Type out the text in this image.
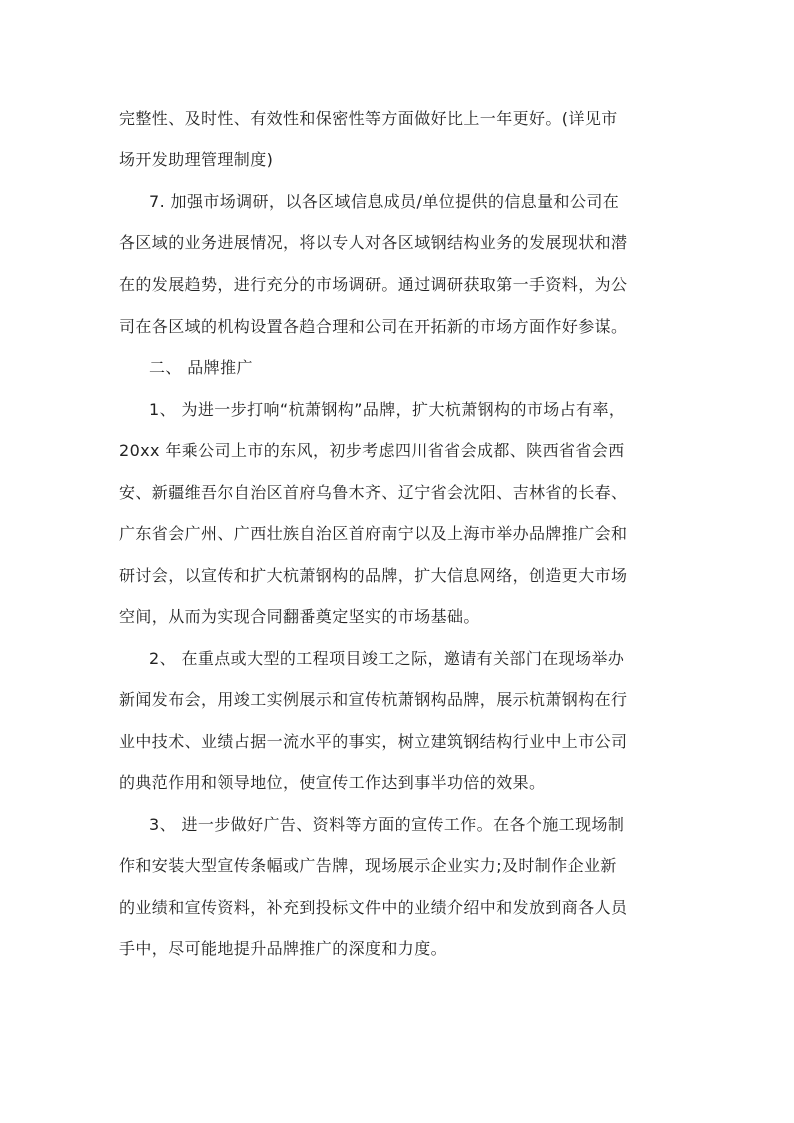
完整性、及时性、有效性和保密性等方面做好比上一年更好。(详见市
场开发助理管理制度)
7. 加强市场调研，以各区域信息成员/单位提供的信息量和公司在
各区域的业务进展情况，将以专人对各区域钢结构业务的发展现状和潜
在的发展趋势，进行充分的市场调研。通过调研获取第一手资料，为公
司在各区域的机构设置各趋合理和公司在开拓新的市场方面作好参谋。
二、 品牌推广
1、 为进一步打响“杭萧钢构”品牌，扩大杭萧钢构的市场占有率，
20xx 年乘公司上市的东风，初步考虑四川省省会成都、陕西省省会西
安、新疆维吾尔自治区首府乌鲁木齐、辽宁省会沈阳、吉林省的长春、
广东省会广州、广西壮族自治区首府南宁以及上海市举办品牌推广会和
研讨会，以宣传和扩大杭萧钢构的品牌，扩大信息网络，创造更大市场
空间，从而为实现合同翻番奠定坚实的市场基础。
2、 在重点或大型的工程项目竣工之际，邀请有关部门在现场举办
新闻发布会，用竣工实例展示和宣传杭萧钢构品牌，展示杭萧钢构在行
业中技术、业绩占据一流水平的事实，树立建筑钢结构行业中上市公司
的典范作用和领导地位，使宣传工作达到事半功倍的效果。
3、 进一步做好广告、资料等方面的宣传工作。在各个施工现场制
作和安装大型宣传条幅或广告牌，现场展示企业实力;及时制作企业新
的业绩和宣传资料，补充到投标文件中的业绩介绍中和发放到商各人员
手中，尽可能地提升品牌推广的深度和力度。
